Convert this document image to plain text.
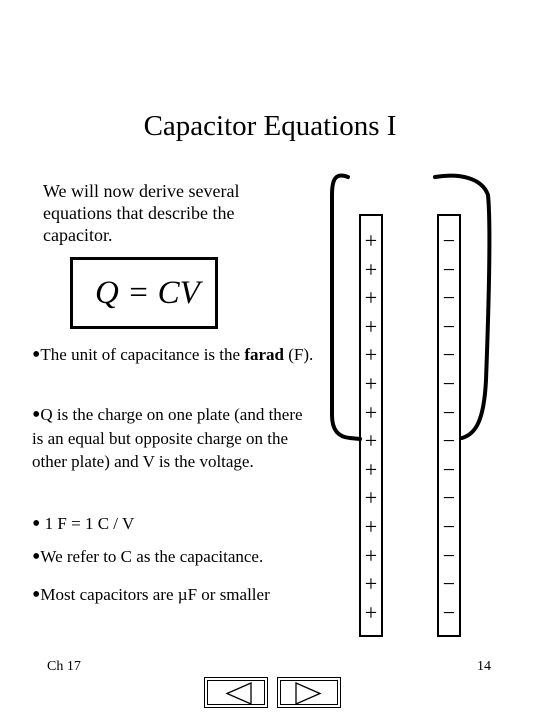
Capacitor Equations I
We will now derive several equations that describe the capacitor.
Q = CV
•The unit of capacitance is the farad (F).
•Q is the charge on one plate (and there is an equal but opposite charge on the other plate) and V is the voltage.
• 1 F = 1 C / V
•We refer to C as the capacitance.
•Most capacitors are µF or smaller
+
+
+
+
+
+
+
+
+
+
+
+
+
+
−
−
−
−
−
−
−
−
−
−
−
−
−
−
Ch 17	14
